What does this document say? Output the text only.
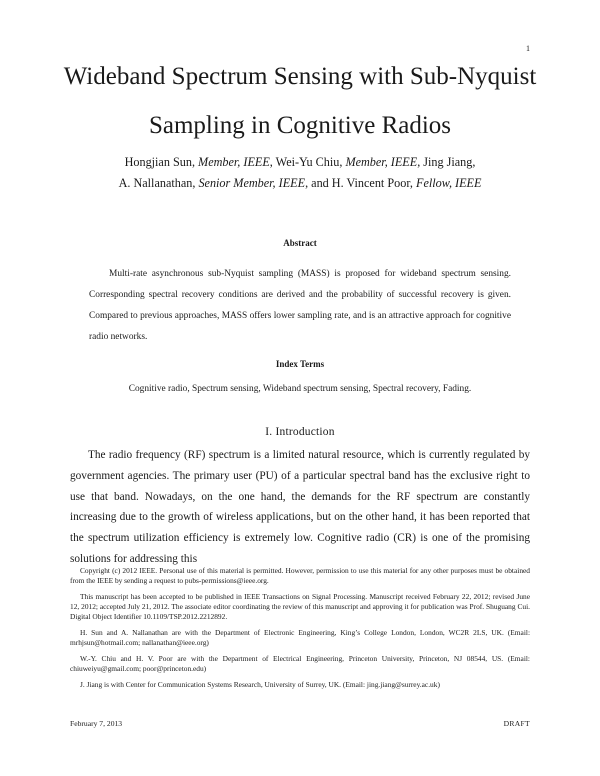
1
Wideband Spectrum Sensing with Sub-Nyquist
Sampling in Cognitive Radios
Hongjian Sun, Member, IEEE, Wei-Yu Chiu, Member, IEEE, Jing Jiang,
A. Nallanathan, Senior Member, IEEE, and H. Vincent Poor, Fellow, IEEE
Abstract
Multi-rate asynchronous sub-Nyquist sampling (MASS) is proposed for wideband spectrum sensing. Corresponding spectral recovery conditions are derived and the probability of successful recovery is given. Compared to previous approaches, MASS offers lower sampling rate, and is an attractive approach for cognitive radio networks.
Index Terms
Cognitive radio, Spectrum sensing, Wideband spectrum sensing, Spectral recovery, Fading.
I. Introduction

The radio frequency (RF) spectrum is a limited natural resource, which is currently regulated by government agencies. The primary user (PU) of a particular spectral band has the exclusive right to use that band. Nowadays, on the one hand, the demands for the RF spectrum are constantly increasing due to the growth of wireless applications, but on the other hand, it has been reported that the spectrum utilization efficiency is extremely low. Cognitive radio (CR) is one of the promising solutions for addressing this

Copyright (c) 2012 IEEE. Personal use of this material is permitted. However, permission to use this material for any other purposes must be obtained from the IEEE by sending a request to pubs-permissions@ieee.org.

This manuscript has been accepted to be published in IEEE Transactions on Signal Processing. Manuscript received February 22, 2012; revised June 12, 2012; accepted July 21, 2012. The associate editor coordinating the review of this manuscript and approving it for publication was Prof. Shuguang Cui. Digital Object Identifier 10.1109/TSP.2012.2212892.

H. Sun and A. Nallanathan are with the Department of Electronic Engineering, King’s College London, London, WC2R 2LS, UK. (Email: mrhjsun@hotmail.com; nallanathan@ieee.org)

W.-Y. Chiu and H. V. Poor are with the Department of Electrical Engineering, Princeton University, Princeton, NJ 08544, US. (Email: chiuweiyu@gmail.com; poor@princeton.edu)

J. Jiang is with Center for Communication Systems Research, University of Surrey, UK. (Email: jing.jiang@surrey.ac.uk)

February 7, 2013	DRAFT
